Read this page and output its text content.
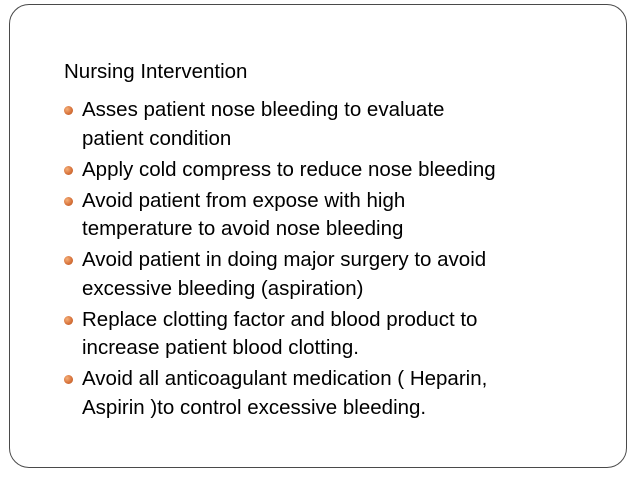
Nursing Intervention
Asses patient nose bleeding to evaluate
patient condition
Apply cold compress to reduce nose bleeding
Avoid patient from expose with high
temperature to avoid nose bleeding
Avoid patient in doing major surgery to avoid
excessive bleeding (aspiration)
Replace clotting factor and blood product to
increase patient blood clotting.
Avoid all anticoagulant medication ( Heparin,
Aspirin )to control excessive bleeding.
